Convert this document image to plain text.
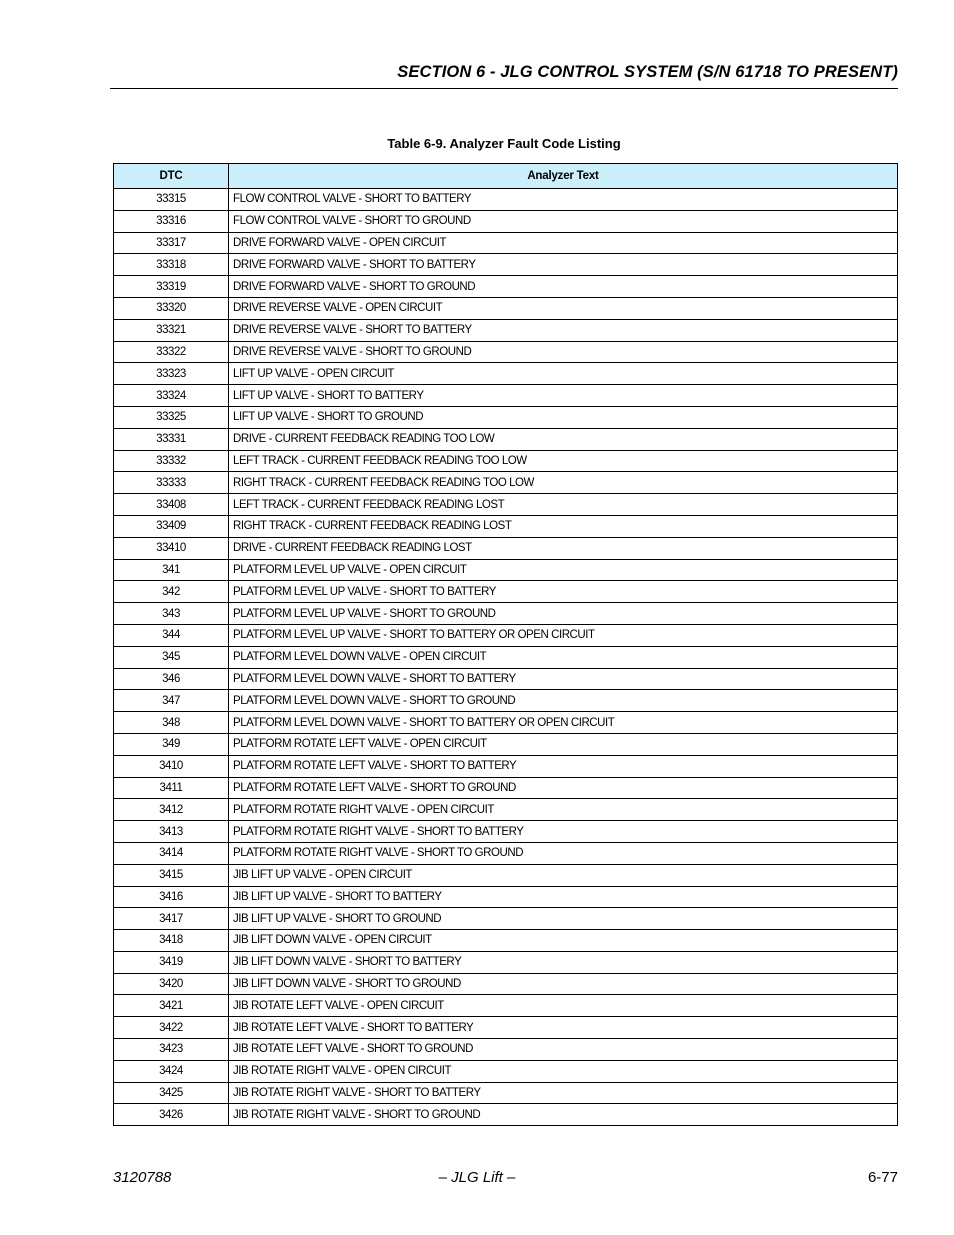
SECTION 6 - JLG CONTROL SYSTEM (S/N 61718 TO PRESENT)
Table 6-9. Analyzer Fault Code Listing
DTC	Analyzer Text
33315	FLOW CONTROL VALVE - SHORT TO BATTERY
33316	FLOW CONTROL VALVE - SHORT TO GROUND
33317	DRIVE FORWARD VALVE - OPEN CIRCUIT
33318	DRIVE FORWARD VALVE - SHORT TO BATTERY
33319	DRIVE FORWARD VALVE - SHORT TO GROUND
33320	DRIVE REVERSE VALVE - OPEN CIRCUIT
33321	DRIVE REVERSE VALVE - SHORT TO BATTERY
33322	DRIVE REVERSE VALVE - SHORT TO GROUND
33323	LIFT UP VALVE - OPEN CIRCUIT
33324	LIFT UP VALVE - SHORT TO BATTERY
33325	LIFT UP VALVE - SHORT TO GROUND
33331	DRIVE - CURRENT FEEDBACK READING TOO LOW
33332	LEFT TRACK - CURRENT FEEDBACK READING TOO LOW
33333	RIGHT TRACK - CURRENT FEEDBACK READING TOO LOW
33408	LEFT TRACK - CURRENT FEEDBACK READING LOST
33409	RIGHT TRACK - CURRENT FEEDBACK READING LOST
33410	DRIVE - CURRENT FEEDBACK READING LOST
341	PLATFORM LEVEL UP VALVE - OPEN CIRCUIT
342	PLATFORM LEVEL UP VALVE - SHORT TO BATTERY
343	PLATFORM LEVEL UP VALVE - SHORT TO GROUND
344	PLATFORM LEVEL UP VALVE - SHORT TO BATTERY OR OPEN CIRCUIT
345	PLATFORM LEVEL DOWN VALVE - OPEN CIRCUIT
346	PLATFORM LEVEL DOWN VALVE - SHORT TO BATTERY
347	PLATFORM LEVEL DOWN VALVE - SHORT TO GROUND
348	PLATFORM LEVEL DOWN VALVE - SHORT TO BATTERY OR OPEN CIRCUIT
349	PLATFORM ROTATE LEFT VALVE - OPEN CIRCUIT
3410	PLATFORM ROTATE LEFT VALVE - SHORT TO BATTERY
3411	PLATFORM ROTATE LEFT VALVE - SHORT TO GROUND
3412	PLATFORM ROTATE RIGHT VALVE - OPEN CIRCUIT
3413	PLATFORM ROTATE RIGHT VALVE - SHORT TO BATTERY
3414	PLATFORM ROTATE RIGHT VALVE - SHORT TO GROUND
3415	JIB LIFT UP VALVE - OPEN CIRCUIT
3416	JIB LIFT UP VALVE - SHORT TO BATTERY
3417	JIB LIFT UP VALVE - SHORT TO GROUND
3418	JIB LIFT DOWN VALVE - OPEN CIRCUIT
3419	JIB LIFT DOWN VALVE - SHORT TO BATTERY
3420	JIB LIFT DOWN VALVE - SHORT TO GROUND
3421	JIB ROTATE LEFT VALVE - OPEN CIRCUIT
3422	JIB ROTATE LEFT VALVE - SHORT TO BATTERY
3423	JIB ROTATE LEFT VALVE - SHORT TO GROUND
3424	JIB ROTATE RIGHT VALVE - OPEN CIRCUIT
3425	JIB ROTATE RIGHT VALVE - SHORT TO BATTERY
3426	JIB ROTATE RIGHT VALVE - SHORT TO GROUND
3120788	– JLG Lift –	6-77
